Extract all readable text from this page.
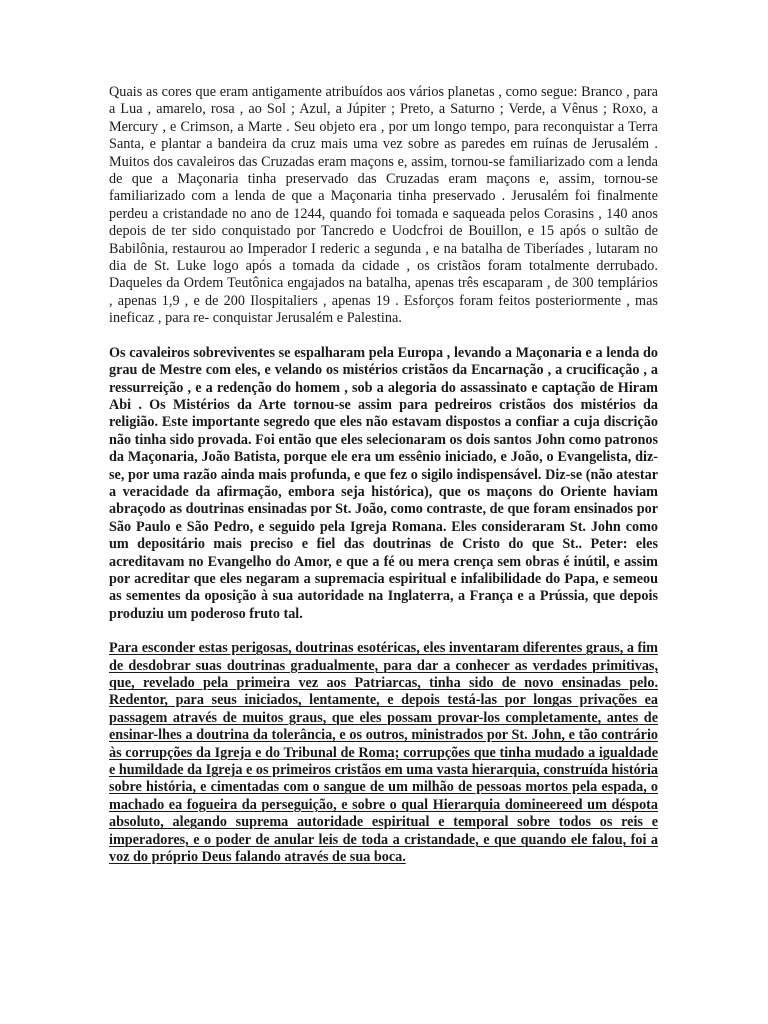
Quais as cores que eram antigamente atribuídos aos vários planetas , como segue: Branco , para a Lua , amarelo, rosa , ao Sol ; Azul, a Júpiter ; Preto, a Saturno ; Verde, a Vênus ; Roxo, a Mercury , e Crimson, a Marte . Seu objeto era , por um longo tempo, para reconquistar a Terra Santa, e plantar a bandeira da cruz mais uma vez sobre as paredes em ruínas de Jerusalém . Muitos dos cavaleiros das Cruzadas eram maçons e, assim, tornou-se familiarizado com a lenda de que a Maçonaria tinha preservado das Cruzadas eram maçons e, assim, tornou-se familiarizado com a lenda de que a Maçonaria tinha preservado . Jerusalém foi finalmente perdeu a cristandade no ano de 1244, quando foi tomada e saqueada pelos Corasins , 140 anos depois de ter sido conquistado por Tancredo e Uodcfroi de Bouillon, e 15 após o sultão de Babilônia, restaurou ao Imperador I rederic a segunda , e na batalha de Tiberíades , lutaram no dia de St. Luke logo após a tomada da cidade , os cristãos foram totalmente derrubado. Daqueles da Ordem Teutônica engajados na batalha, apenas três escaparam , de 300 templários , apenas 1,9 , e de 200 Ilospitaliers , apenas 19 . Esforços foram feitos posteriormente , mas ineficaz , para re- conquistar Jerusalém e Palestina.

Os cavaleiros sobreviventes se espalharam pela Europa , levando a Maçonaria e a lenda do grau de Mestre com eles, e velando os mistérios cristãos da Encarnação , a crucificação , a ressurreição , e a redenção do homem , sob a alegoria do assassinato e captação de Hiram Abi . Os Mistérios da Arte tornou-se assim para pedreiros cristãos dos mistérios da religião. Este importante segredo que eles não estavam dispostos a confiar a cuja discrição não tinha sido provada. Foi então que eles selecionaram os dois santos John como patronos da Maçonaria, João Batista, porque ele era um essênio iniciado, e João, o Evangelista, diz-se, por uma razão ainda mais profunda, e que fez o sigilo indispensável. Diz-se (não atestar a veracidade da afirmação, embora seja histórica), que os maçons do Oriente haviam abraçodo as doutrinas ensinadas por St. João, como contraste, de que foram ensinados por São Paulo e São Pedro, e seguido pela Igreja Romana. Eles consideraram St. John como um depositário mais preciso e fiel das doutrinas de Cristo do que St.. Peter: eles acreditavam no Evangelho do Amor, e que a fé ou mera crença sem obras é inútil, e assim por acreditar que eles negaram a supremacia espiritual e infalibilidade do Papa, e semeou as sementes da oposição à sua autoridade na Inglaterra, a França e a Prússia, que depois produziu um poderoso fruto tal.

Para esconder estas perigosas, doutrinas esotéricas, eles inventaram diferentes graus, a fim de desdobrar suas doutrinas gradualmente, para dar a conhecer as verdades primitivas, que, revelado pela primeira vez aos Patriarcas, tinha sido de novo ensinadas pelo. Redentor, para seus iniciados, lentamente, e depois testá-las por longas privações ea passagem através de muitos graus, que eles possam provar-los completamente, antes de ensinar-lhes a doutrina da tolerância, e os outros, ministrados por St. John, e tão contrário às corrupções da Igreja e do Tribunal de Roma; corrupções que tinha mudado a igualdade e humildade da Igreja e os primeiros cristãos em uma vasta hierarquia, construída história sobre história, e cimentadas com o sangue de um milhão de pessoas mortos pela espada, o machado ea fogueira da perseguição, e sobre o qual Hierarquia domineereed um déspota absoluto, alegando suprema autoridade espiritual e temporal sobre todos os reis e imperadores, e o poder de anular leis de toda a cristandade, e que quando ele falou, foi a voz do próprio Deus falando através de sua boca.
